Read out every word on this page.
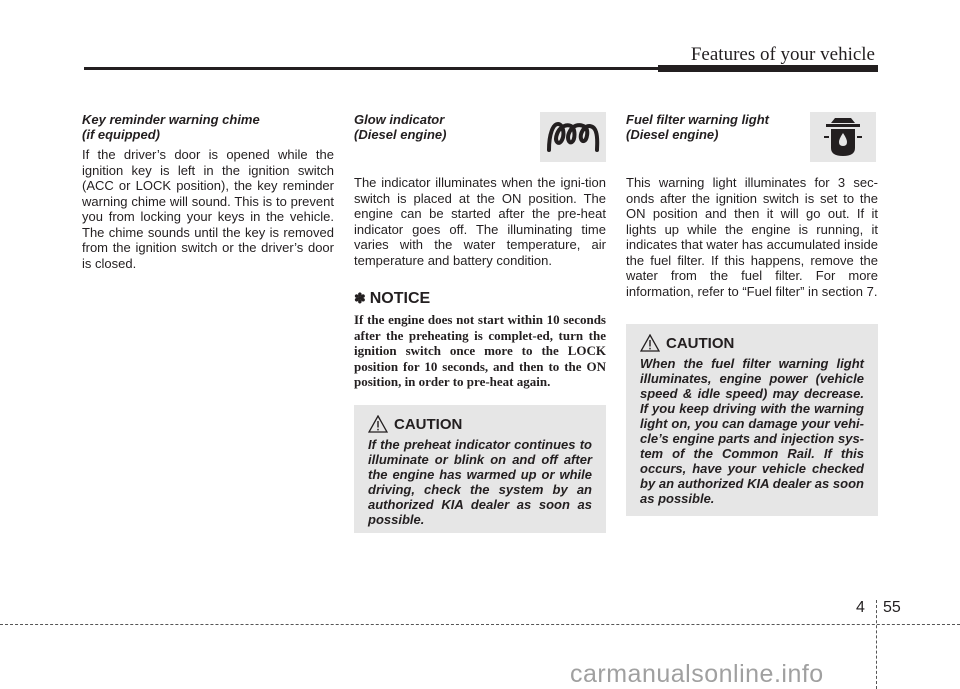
Features of your vehicle
Key reminder warning chime
(if equipped)

If the driver’s door is opened while the ignition key is left in the ignition switch (ACC or LOCK position), the key reminder warning chime will sound. This is to prevent you from locking your keys in the vehicle. The chime sounds until the key is removed from the ignition switch or the driver’s door is closed.

Glow indicator
(Diesel engine)

The indicator illuminates when the igni-tion switch is placed at the ON position. The engine can be started after the pre-heat indicator goes off. The illuminating time varies with the water temperature, air temperature and battery condition.

✽ NOTICE

If the engine does not start within 10 seconds after the preheating is complet-ed, turn the ignition switch once more to the LOCK position for 10 seconds, and then to the ON position, in order to pre-heat again.

CAUTION

If the preheat indicator continues to illuminate or blink on and off after the engine has warmed up or while driving, check the system by an authorized KIA dealer as soon as possible.

Fuel filter warning light
(Diesel engine)

This warning light illuminates for 3 sec-onds after the ignition switch is set to the ON position and then it will go out. If it lights up while the engine is running, it indicates that water has accumulated inside the fuel filter. If this happens, remove the water from the fuel filter. For more information, refer to “Fuel filter” in section 7.

CAUTION

When the fuel filter warning light illuminates, engine power (vehicle speed & idle speed) may decrease. If you keep driving with the warning light on, you can damage your vehi-cle’s engine parts and injection sys-tem of the Common Rail. If this occurs, have your vehicle checked by an authorized KIA dealer as soon as possible.

4 55
carmanualsonline.info
